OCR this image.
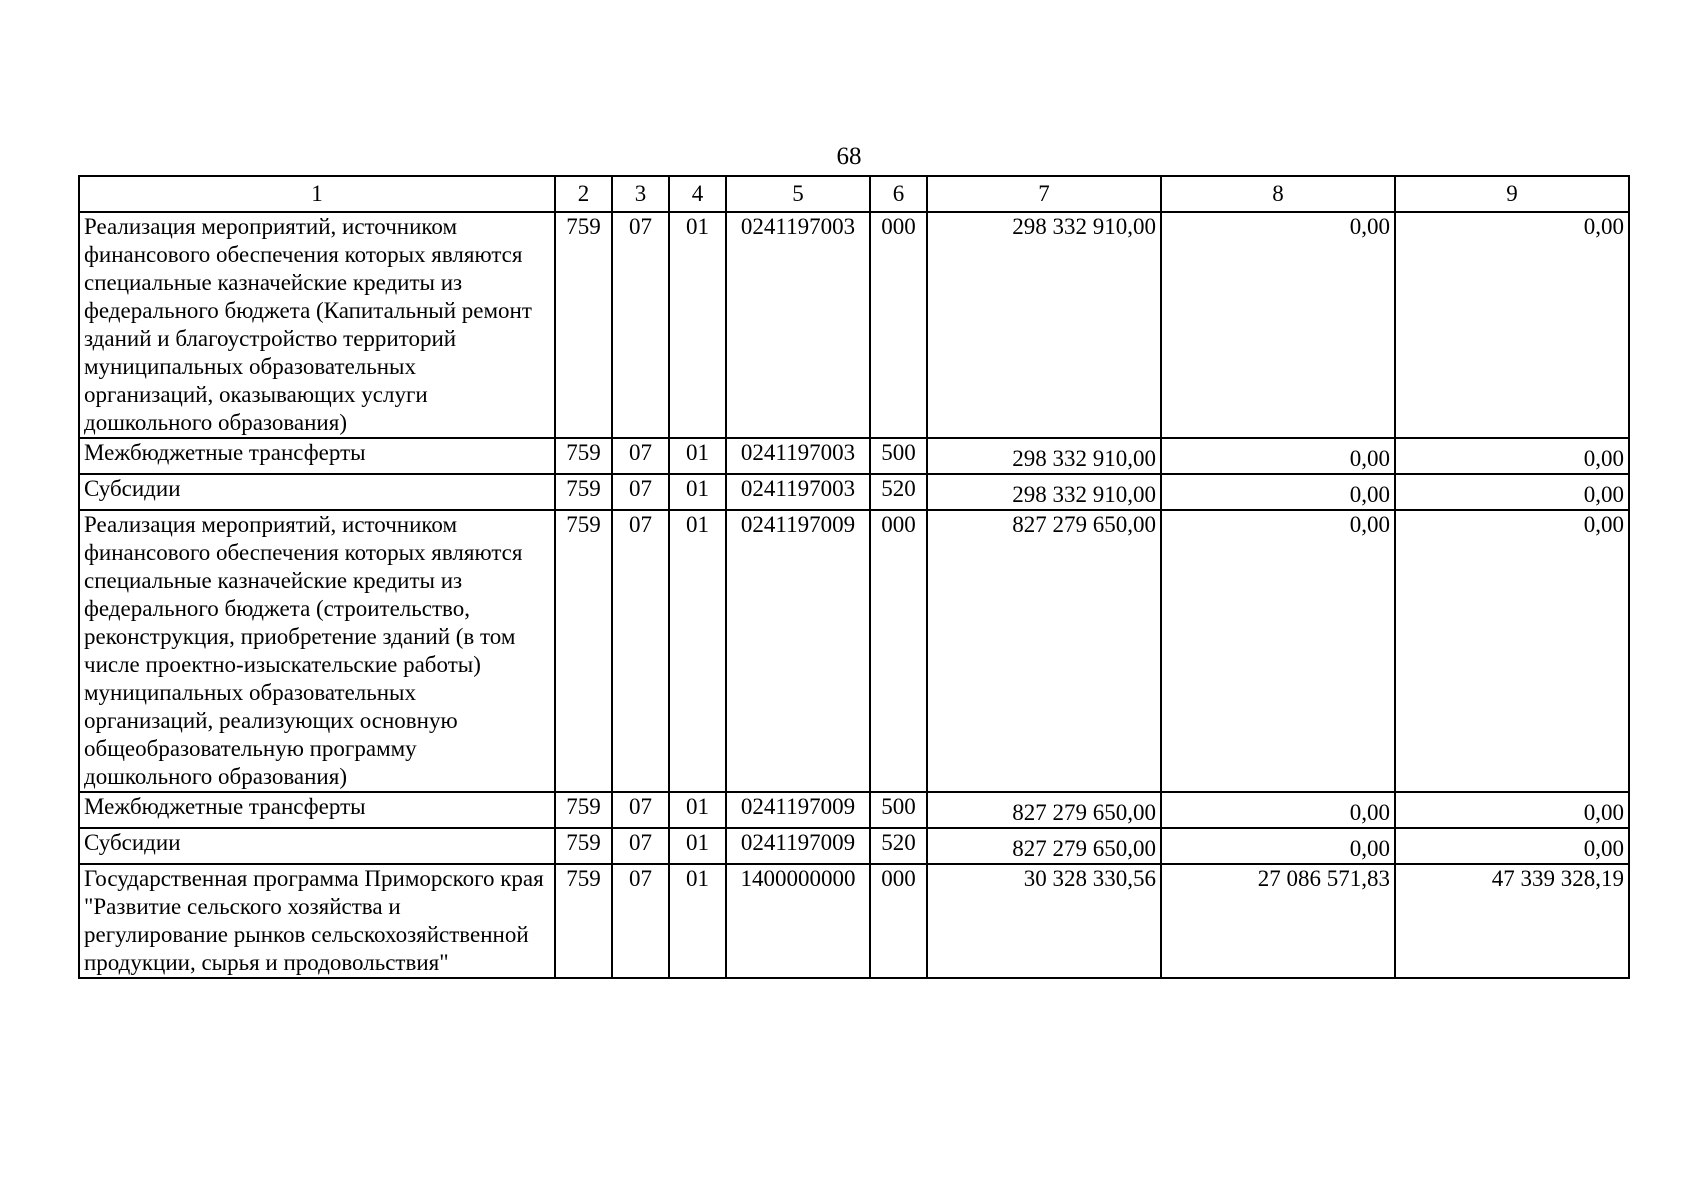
68
1	2	3	4	5	6	7	8	9
Реализация мероприятий, источником финансового обеспечения которых являются специальные казначейские кредиты из федерального бюджета (Капитальный ремонт зданий и благоустройство территорий муниципальных образовательных организаций, оказывающих услуги дошкольного образования)	759	07	01	0241197003	000	298 332 910,00	0,00	0,00
Межбюджетные трансферты	759	07	01	0241197003	500	298 332 910,00	0,00	0,00
Субсидии	759	07	01	0241197003	520	298 332 910,00	0,00	0,00
Реализация мероприятий, источником финансового обеспечения которых являются специальные казначейские кредиты из федерального бюджета (строительство, реконструкция, приобретение зданий (в том числе проектно-изыскательские работы) муниципальных образовательных организаций, реализующих основную общеобразовательную программу дошкольного образования)	759	07	01	0241197009	000	827 279 650,00	0,00	0,00
Межбюджетные трансферты	759	07	01	0241197009	500	827 279 650,00	0,00	0,00
Субсидии	759	07	01	0241197009	520	827 279 650,00	0,00	0,00
Государственная программа Приморского края "Развитие сельского хозяйства и регулирование рынков сельскохозяйственной продукции, сырья и продовольствия"	759	07	01	1400000000	000	30 328 330,56	27 086 571,83	47 339 328,19
